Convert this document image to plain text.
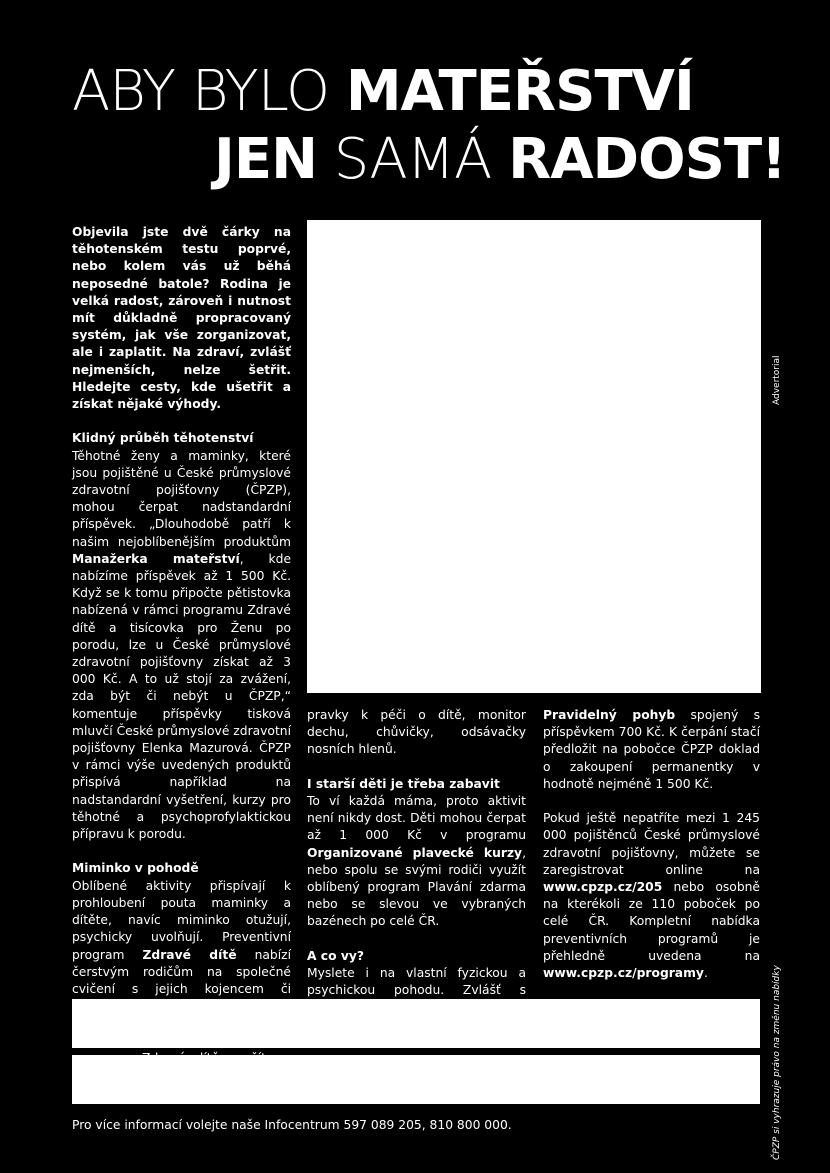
ABY BYLO MATEŘSTVÍ
JEN SAMÁ RADOST!

Objevila jste dvě čárky na těhotenském testu poprvé, nebo kolem vás už běhá neposedné batole? Rodina je velká radost, zároveň i nutnost mít důkladně propracovaný systém, jak vše zorganizovat, ale i zaplatit. Na zdraví, zvlášť nejmenších, nelze šetřit. Hledejte cesty, kde ušetřit a získat nějaké výhody.

Klidný průběh těhotenství
Těhotné ženy a maminky, které jsou pojištěné u České průmyslové zdravotní pojišťovny (ČPZP), mohou čerpat nadstandardní příspěvek. „Dlouhodobě patří k našim nejoblíbenějším produktům Manažerka mateřství, kde nabízíme příspěvek až 1 500 Kč. Když se k tomu připočte pětistovka nabízená v rámci programu Zdravé dítě a tisícovka pro Ženu po porodu, lze u České průmyslové zdravotní pojišťovny získat až 3 000 Kč. A to už stojí za zvážení, zda být či nebýt u ČPZP,“ komentuje příspěvky tisková mluvčí České průmyslové zdravotní pojišťovny Elenka Mazurová. ČPZP v rámci výše uvedených produktů přispívá například na nadstandardní vyšetření, kurzy pro těhotné a psychoprofylaktickou přípravu k porodu.

Miminko v pohodě
Oblíbené aktivity přispívají k prohloubení pouta maminky a dítěte, navíc miminko otužují, psychicky uvolňují. Preventivní program Zdravé dítě nabízí čerstvým rodičům na společné cvičení s jejich kojencem či

pravky k péči o dítě, monitor dechu, chůvičky, odsávačky nosních hlenů.

I starší děti je třeba zabavit
To ví každá máma, proto aktivit není nikdy dost. Děti mohou čerpat až 1 000 Kč v programu Organizované plavecké kurzy, nebo spolu se svými rodiči využít oblíbený program Plavání zdarma nebo se slevou ve vybraných bazénech po celé ČR.

A co vy?
Myslete i na vlastní fyzickou a psychickou pohodu. Zvlášť s

Pravidelný pohyb spojený s příspěvkem 700 Kč. K čerpání stačí předložit na pobočce ČPZP doklad o zakoupení permanentky v hodnotě nejméně 1 500 Kč.

Pokud ještě nepatříte mezi 1 245 000 pojištěnců České průmyslové zdravotní pojišťovny, můžete se zaregistrovat online na www.cpzp.cz/205 nebo osobně na kterékoli ze 110 poboček po celé ČR. Kompletní nabídka preventivních programů je přehledně uvedena na www.cpzp.cz/programy.

Pro více informací volejte naše Infocentrum 597 089 205, 810 800 000.
Advertorial
ČPZP si vyhrazuje právo na změnu nabídky
